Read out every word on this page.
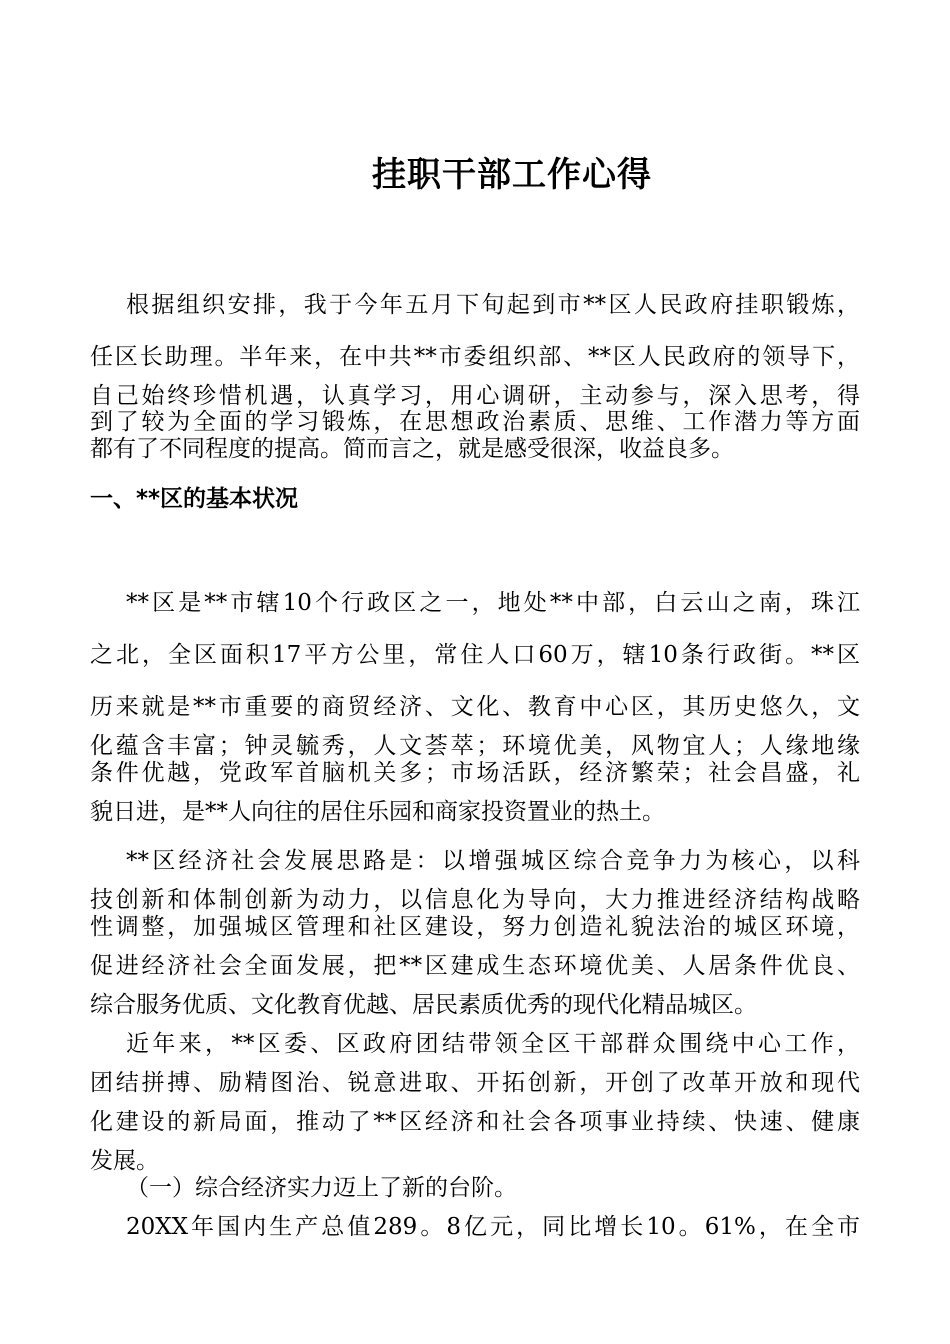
挂职干部工作心得
一、**区的基本状况
根据组织安排，我于今年五月下旬起到市**区人民政府挂职锻炼，
任区长助理。半年来，在中共**市委组织部、**区人民政府的领导下，
自己始终珍惜机遇，认真学习，用心调研，主动参与，深入思考，得
到了较为全面的学习锻炼，在思想政治素质、思维、工作潜力等方面
都有了不同程度的提高。简而言之，就是感受很深，收益良多。
**区是**市辖10个行政区之一，地处**中部，白云山之南，珠江
之北，全区面积17平方公里，常住人口60万，辖10条行政街。**区
历来就是**市重要的商贸经济、文化、教育中心区，其历史悠久，文
化蕴含丰富；钟灵毓秀，人文荟萃；环境优美，风物宜人；人缘地缘
条件优越，党政军首脑机关多；市场活跃，经济繁荣；社会昌盛，礼
貌日进，是**人向往的居住乐园和商家投资置业的热土。
**区经济社会发展思路是：以增强城区综合竞争力为核心，以科
技创新和体制创新为动力，以信息化为导向，大力推进经济结构战略
性调整，加强城区管理和社区建设，努力创造礼貌法治的城区环境，
促进经济社会全面发展，把**区建成生态环境优美、人居条件优良、
综合服务优质、文化教育优越、居民素质优秀的现代化精品城区。
近年来，**区委、区政府团结带领全区干部群众围绕中心工作，
团结拼搏、励精图治、锐意进取、开拓创新，开创了改革开放和现代
化建设的新局面，推动了**区经济和社会各项事业持续、快速、健康
发展。
（一）综合经济实力迈上了新的台阶。
20XX年国内生产总值289。8亿元，同比增长10。61%，在全市
